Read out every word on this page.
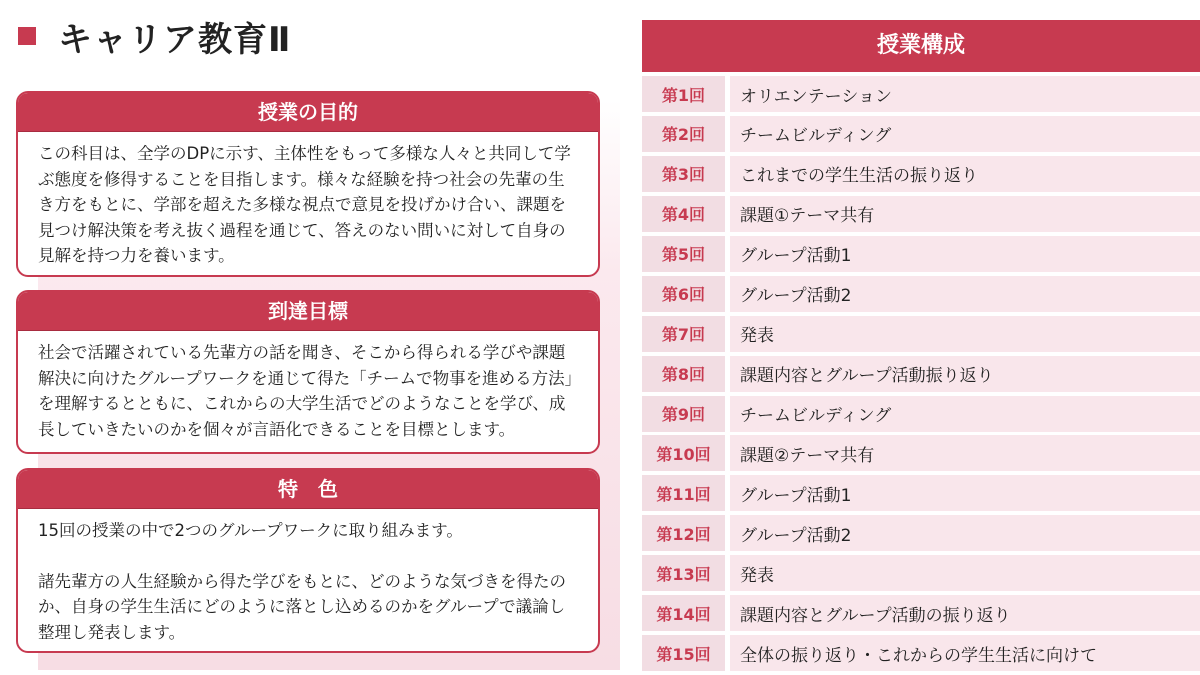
キャリア教育Ⅱ
授業の目的

この科目は、全学のDPに示す、主体性をもって多様な人々と共同して学ぶ態度を修得することを目指します。様々な経験を持つ社会の先輩の生き方をもとに、学部を超えた多様な視点で意見を投げかけ合い、課題を見つけ解決策を考え抜く過程を通じて、答えのない問いに対して自身の見解を持つ力を養います。

到達目標

社会で活躍されている先輩方の話を聞き、そこから得られる学びや課題解決に向けたグループワークを通じて得た「チームで物事を進める方法」を理解するとともに、これからの大学生活でどのようなことを学び、成長していきたいのかを個々が言語化できることを目標とします。

特　色

15回の授業の中で2つのグループワークに取り組みます。

諸先輩方の人生経験から得た学びをもとに、どのような気づきを得たのか、自身の学生生活にどのように落とし込めるのかをグループで議論し整理し発表します。

授業構成
第1回	オリエンテーション
第2回	チームビルディング
第3回	これまでの学生生活の振り返り
第4回	課題①テーマ共有
第5回	グループ活動1
第6回	グループ活動2
第7回	発表
第8回	課題内容とグループ活動振り返り
第9回	チームビルディング
第10回	課題②テーマ共有
第11回	グループ活動1
第12回	グループ活動2
第13回	発表
第14回	課題内容とグループ活動の振り返り
第15回	全体の振り返り・これからの学生生活に向けて
